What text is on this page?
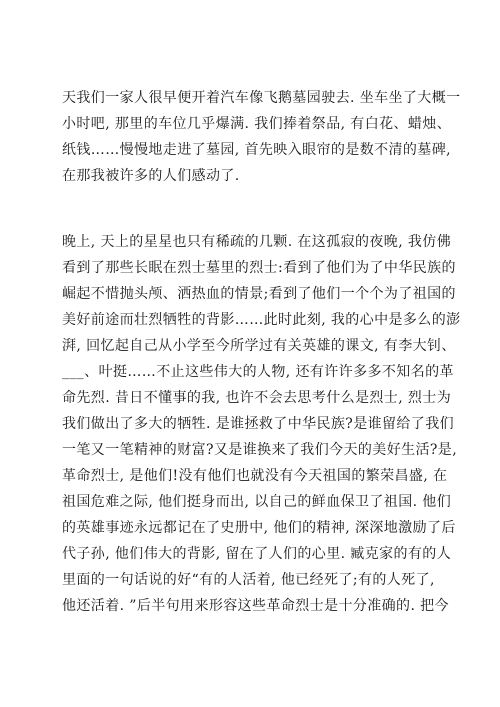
天我们一家人很早便开着汽车像飞鹅墓园驶去. 坐车坐了大概一
小时吧, 那里的车位几乎爆满. 我们捧着祭品, 有白花、蜡烛、
纸钱……慢慢地走进了墓园, 首先映入眼帘的是数不清的墓碑,
在那我被许多的人们感动了.
晚上, 天上的星星也只有稀疏的几颗. 在这孤寂的夜晚, 我仿佛
看到了那些长眠在烈士墓里的烈士:看到了他们为了中华民族的
崛起不惜抛头颅、洒热血的情景;看到了他们一个个为了祖国的
美好前途而壮烈牺牲的背影……此时此刻, 我的心中是多么的澎
湃, 回忆起自己从小学至今所学过有关英雄的课文, 有李大钊、
___、叶挺……不止这些伟大的人物, 还有许许多多不知名的革
命先烈. 昔日不懂事的我, 也许不会去思考什么是烈士, 烈士为
我们做出了多大的牺牲. 是谁拯救了中华民族?是谁留给了我们
一笔又一笔精神的财富?又是谁换来了我们今天的美好生活?是,
革命烈士, 是他们!没有他们也就没有今天祖国的繁荣昌盛, 在
祖国危难之际, 他们挺身而出, 以自己的鲜血保卫了祖国. 他们
的英雄事迹永远都记在了史册中, 他们的精神, 深深地激励了后
代子孙, 他们伟大的背影, 留在了人们的心里. 臧克家的有的人
里面的一句话说的好“有的人活着, 他已经死了;有的人死了,
他还活着. ”后半句用来形容这些革命烈士是十分准确的. 把今
